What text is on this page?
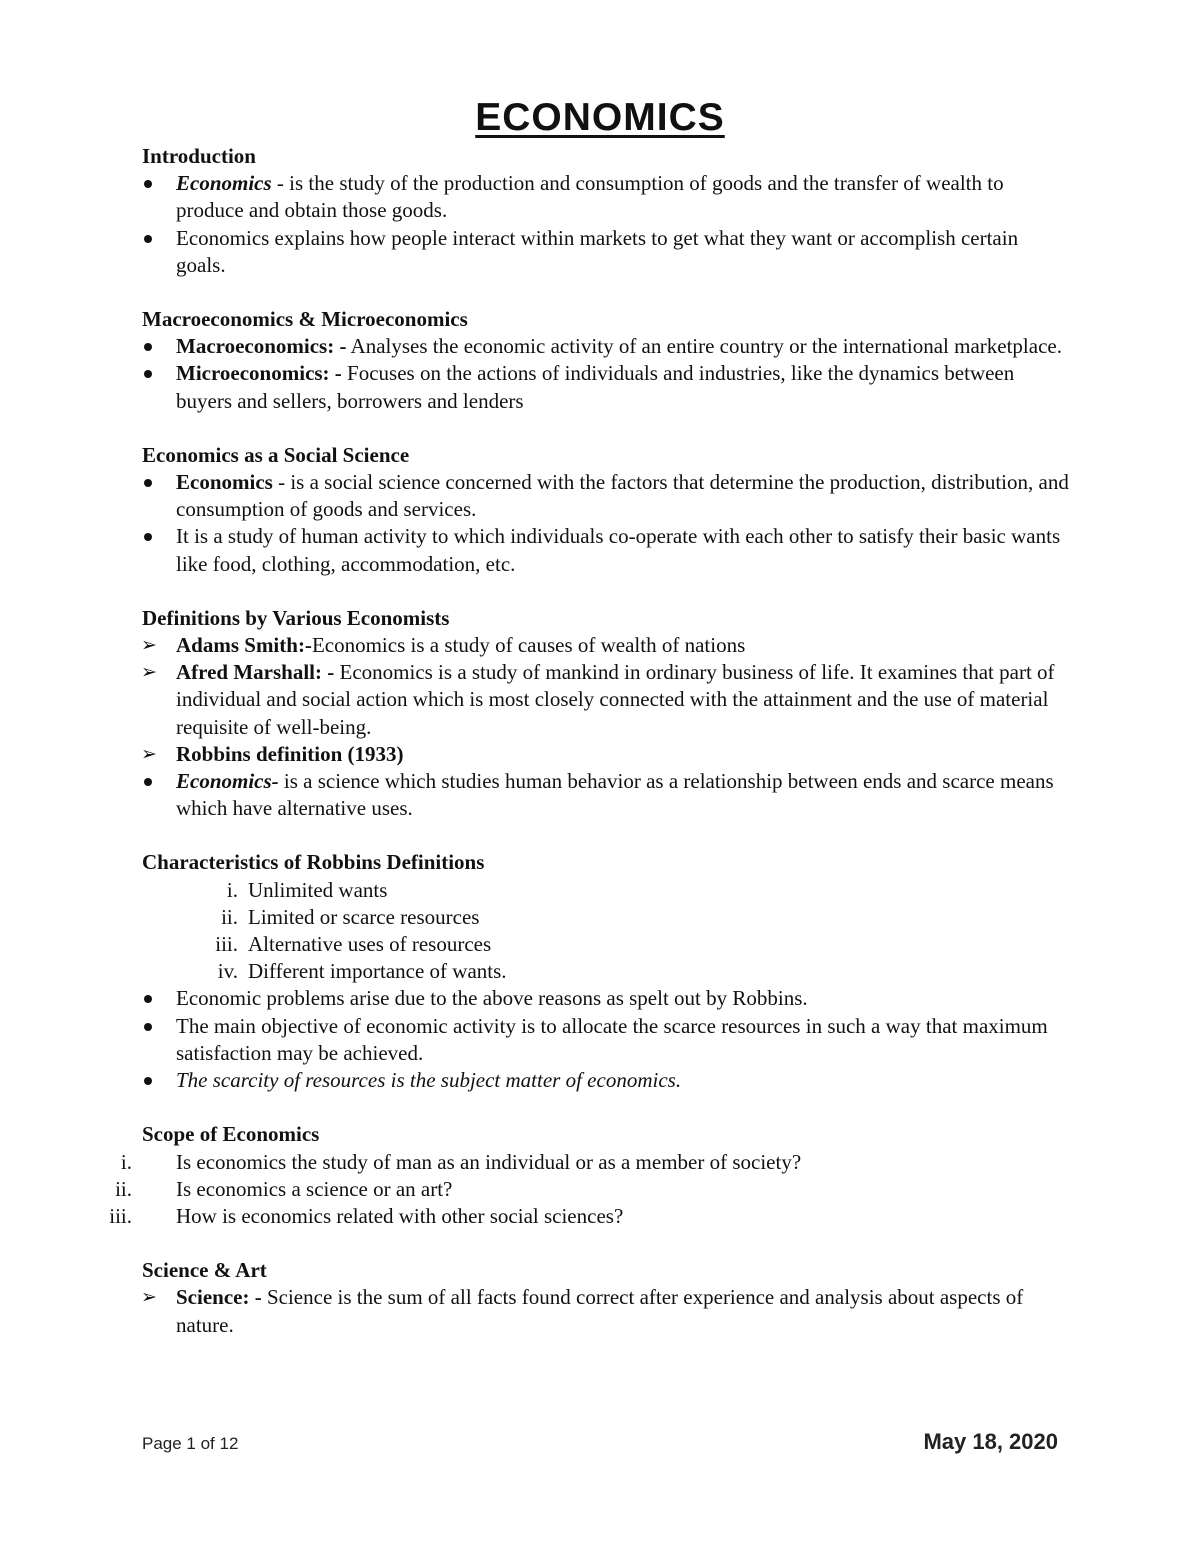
ECONOMICS

Introduction

Economics - is the study of the production and consumption of goods and the transfer of wealth to produce and obtain those goods.
Economics explains how people interact within markets to get what they want or accomplish certain goals.

Macroeconomics & Microeconomics

Macroeconomics: - Analyses the economic activity of an entire country or the international marketplace.
Microeconomics: - Focuses on the actions of individuals and industries, like the dynamics between buyers and sellers, borrowers and lenders

Economics as a Social Science

Economics - is a social science concerned with the factors that determine the production, distribution, and consumption of goods and services.
It is a study of human activity to which individuals co-operate with each other to satisfy their basic wants like food, clothing, accommodation, etc.

Definitions by Various Economists

➢ Adams Smith:-Economics is a study of causes of wealth of nations
➢ Afred Marshall: - Economics is a study of mankind in ordinary business of life. It examines that part of individual and social action which is most closely connected with the attainment and the use of material requisite of well-being.
➢ Robbins definition (1933)
Economics- is a science which studies human behavior as a relationship between ends and scarce means which have alternative uses.

Characteristics of Robbins Definitions

i. Unlimited wants
ii. Limited or scarce resources
iii. Alternative uses of resources
iv. Different importance of wants.
Economic problems arise due to the above reasons as spelt out by Robbins.
The main objective of economic activity is to allocate the scarce resources in such a way that maximum satisfaction may be achieved.
The scarcity of resources is the subject matter of economics.

Scope of Economics

i. Is economics the study of man as an individual or as a member of society?
ii. Is economics a science or an art?
iii. How is economics related with other social sciences?

Science & Art

➢ Science: - Science is the sum of all facts found correct after experience and analysis about aspects of nature.
Page 1 of 12	May 18, 2020
